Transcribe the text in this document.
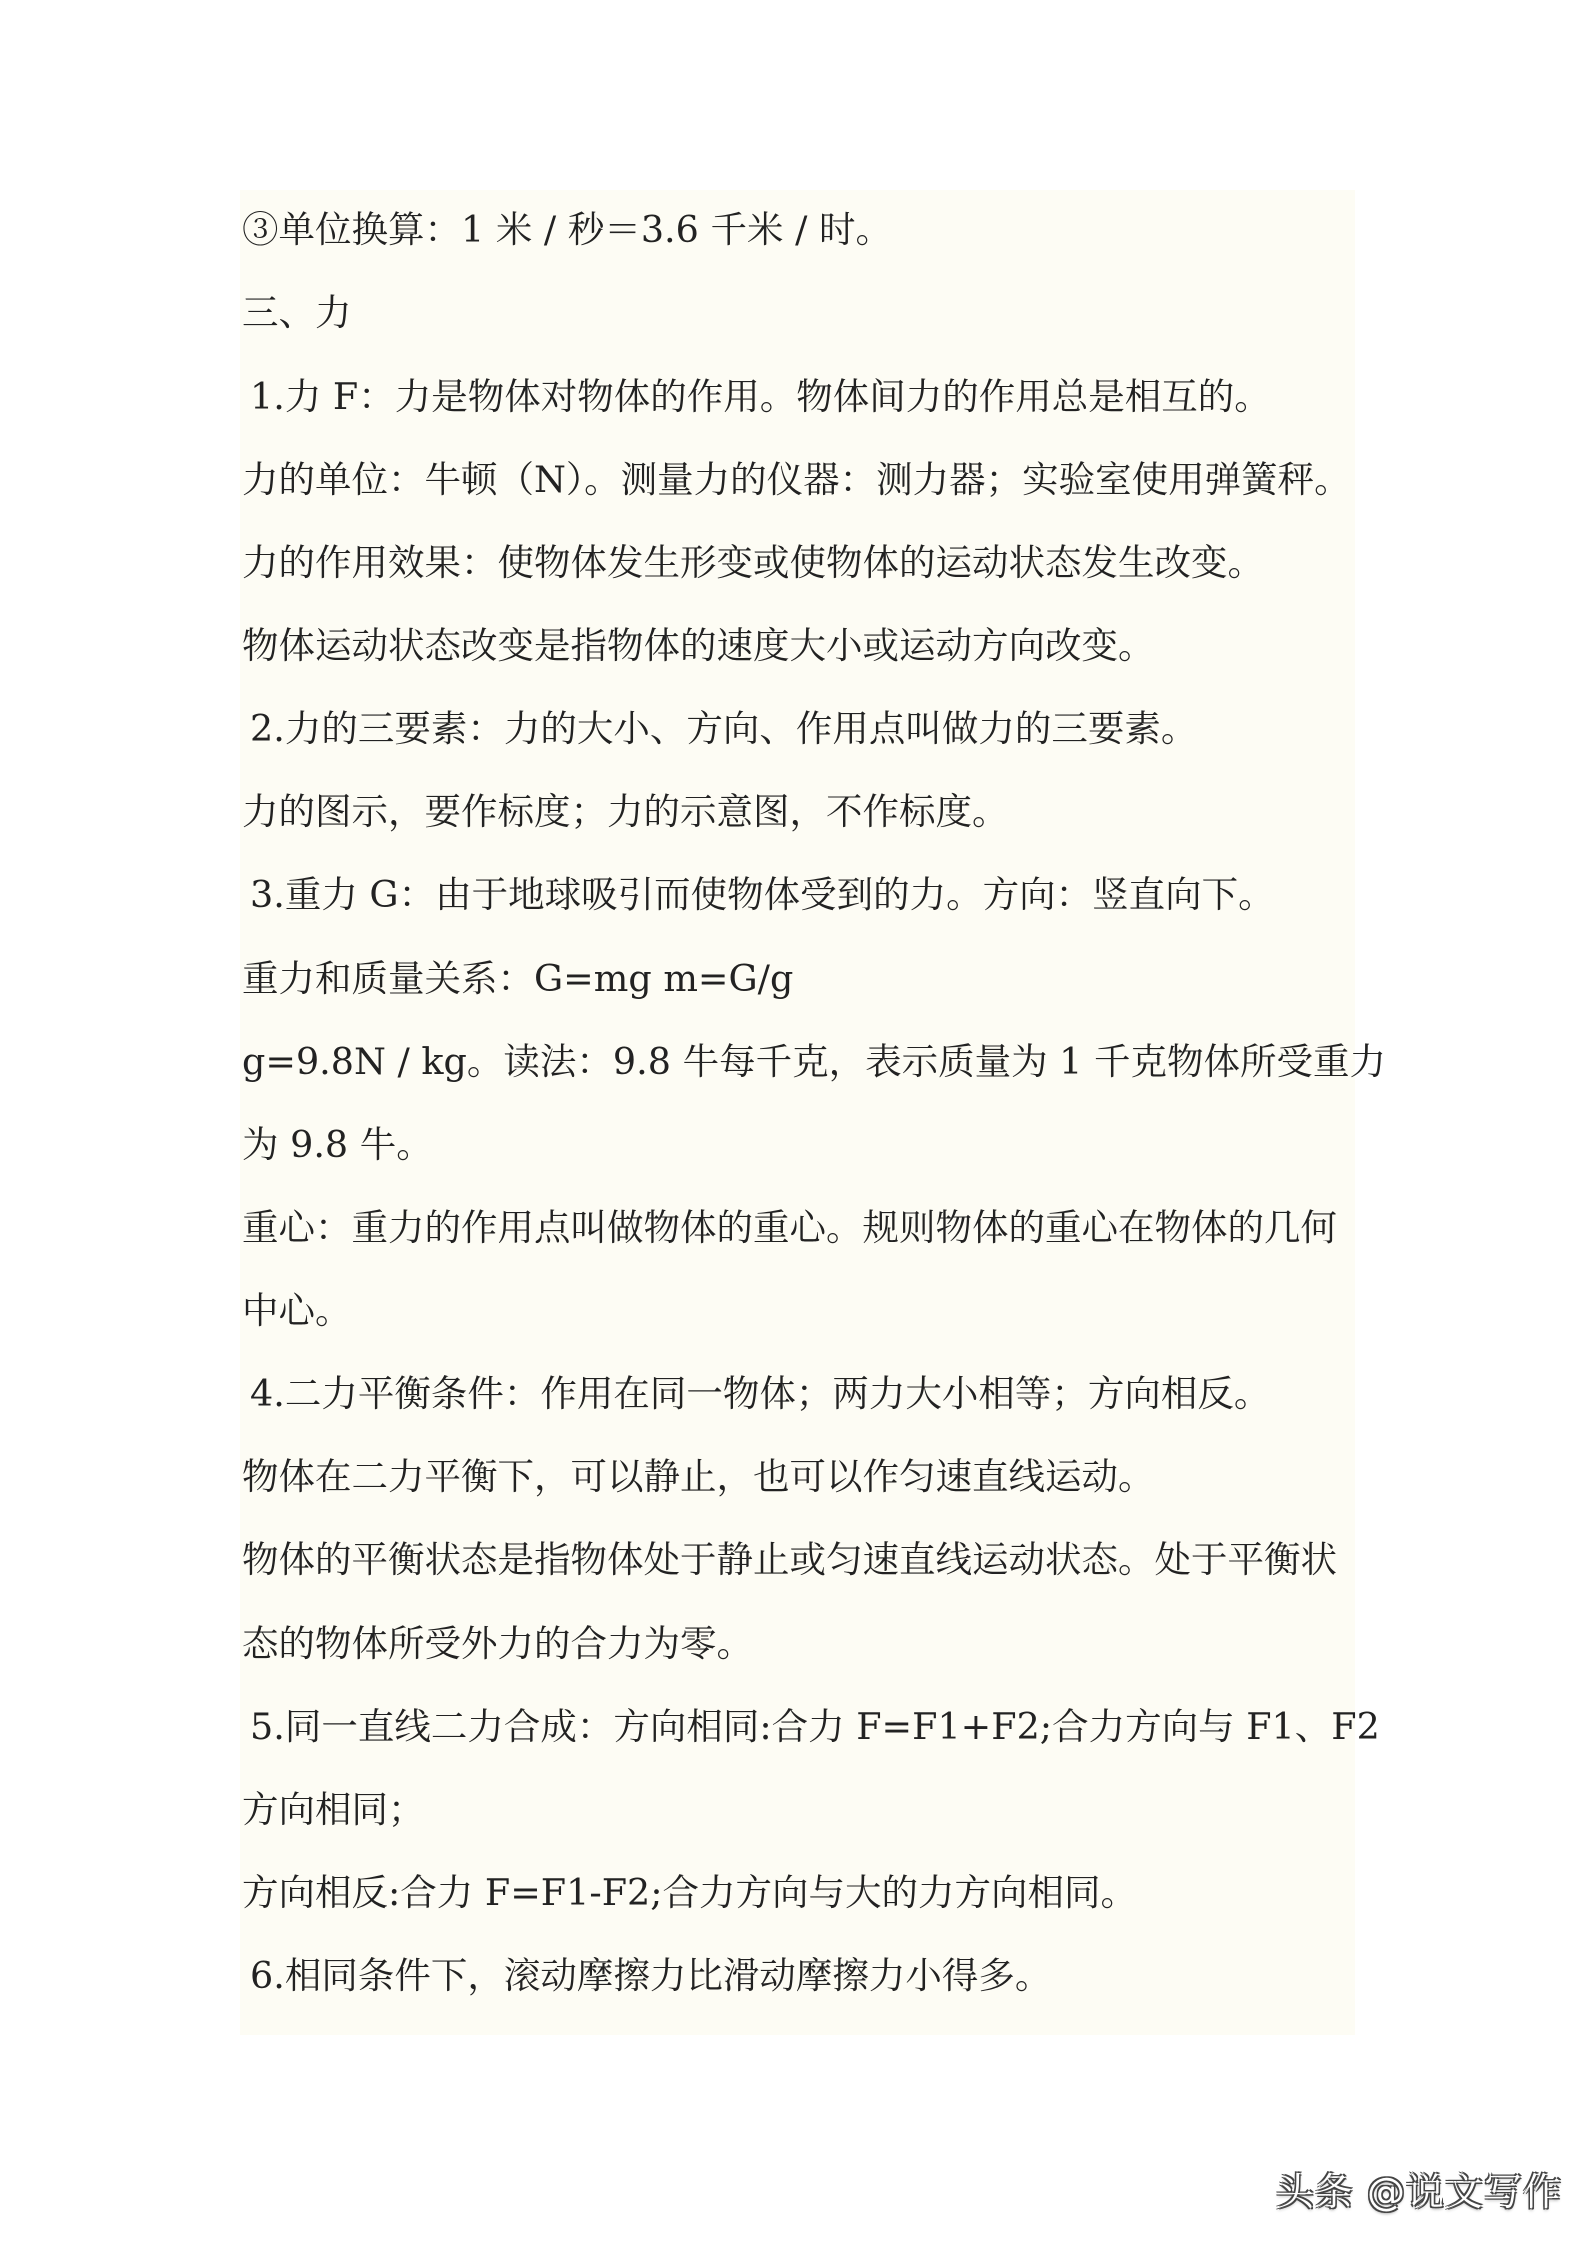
③单位换算：1 米 / 秒＝3.6 千米 / 时。
三、力
1.力 F：力是物体对物体的作用。物体间力的作用总是相互的。
力的单位：牛顿（N）。测量力的仪器：测力器；实验室使用弹簧秤。
力的作用效果：使物体发生形变或使物体的运动状态发生改变。
物体运动状态改变是指物体的速度大小或运动方向改变。
2.力的三要素：力的大小、方向、作用点叫做力的三要素。
力的图示，要作标度；力的示意图，不作标度。
3.重力 G：由于地球吸引而使物体受到的力。方向：竖直向下。
重力和质量关系：G=mg m=G/g
g=9.8N / kg。读法：9.8 牛每千克，表示质量为 1 千克物体所受重力
为 9.8 牛。
重心：重力的作用点叫做物体的重心。规则物体的重心在物体的几何
中心。
4.二力平衡条件：作用在同一物体；两力大小相等；方向相反。
物体在二力平衡下，可以静止，也可以作匀速直线运动。
物体的平衡状态是指物体处于静止或匀速直线运动状态。处于平衡状
态的物体所受外力的合力为零。
5.同一直线二力合成：方向相同:合力 F=F1+F2;合力方向与 F1、F2
方向相同；
方向相反:合力 F=F1-F2;合力方向与大的力方向相同。
6.相同条件下，滚动摩擦力比滑动摩擦力小得多。
头条 @说文写作
